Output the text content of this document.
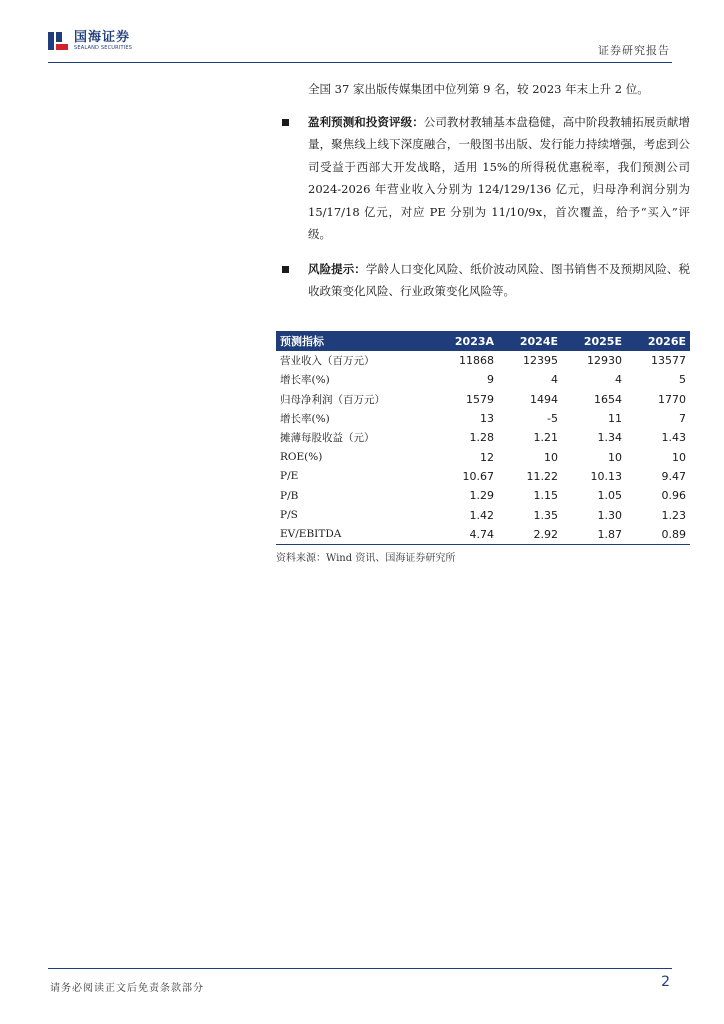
国海证券
SEALAND SECURITIES	证券研究报告

全国 37 家出版传媒集团中位列第 9 名，较 2023 年末上升 2 位。

盈利预测和投资评级：公司教材教辅基本盘稳健，高中阶段教辅拓展贡献增量，聚焦线上线下深度融合，一般图书出版、发行能力持续增强，考虑到公司受益于西部大开发战略，适用 15%的所得税优惠税率，我们预测公司 2024-2026 年营业收入分别为 124/129/136 亿元，归母净利润分别为 15/17/18 亿元，对应 PE 分别为 11/10/9x，首次覆盖，给予“买入”评级。

风险提示：学龄人口变化风险、纸价波动风险、图书销售不及预期风险、税收政策变化风险、行业政策变化风险等。

预测指标	2023A	2024E	2025E	2026E
营业收入（百万元）	11868	12395	12930	13577
增长率(%)	9	4	4	5
归母净利润（百万元）	1579	1494	1654	1770
增长率(%)	13	-5	11	7
摊薄每股收益（元）	1.28	1.21	1.34	1.43
ROE(%)	12	10	10	10
P/E	10.67	11.22	10.13	9.47
P/B	1.29	1.15	1.05	0.96
P/S	1.42	1.35	1.30	1.23
EV/EBITDA	4.74	2.92	1.87	0.89
资料来源：Wind 资讯、国海证券研究所
请务必阅读正文后免责条款部分	2
